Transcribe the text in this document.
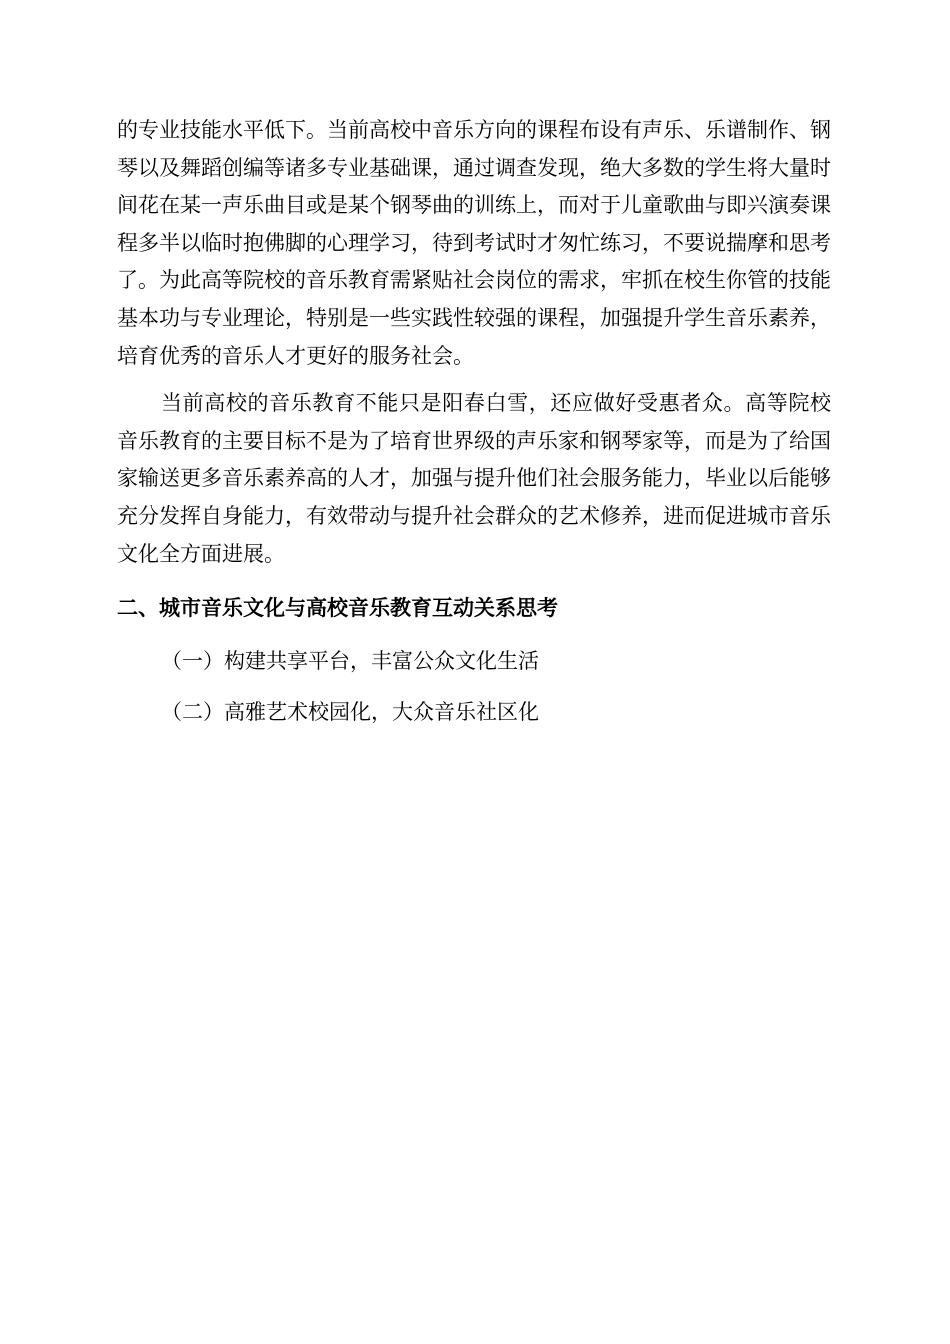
的专业技能水平低下。当前高校中音乐方向的课程布设有声乐、乐谱制作、钢琴以及舞蹈创编等诸多专业基础课，通过调查发现，绝大多数的学生将大量时间花在某一声乐曲目或是某个钢琴曲的训练上，而对于儿童歌曲与即兴演奏课程多半以临时抱佛脚的心理学习，待到考试时才匆忙练习，不要说揣摩和思考了。为此高等院校的音乐教育需紧贴社会岗位的需求，牢抓在校生你管的技能基本功与专业理论，特别是一些实践性较强的课程，加强提升学生音乐素养，培育优秀的音乐人才更好的服务社会。

当前高校的音乐教育不能只是阳春白雪，还应做好受惠者众。高等院校音乐教育的主要目标不是为了培育世界级的声乐家和钢琴家等，而是为了给国家输送更多音乐素养高的人才，加强与提升他们社会服务能力，毕业以后能够充分发挥自身能力，有效带动与提升社会群众的艺术修养，进而促进城市音乐文化全方面进展。

二、城市音乐文化与高校音乐教育互动关系思考

（一）构建共享平台，丰富公众文化生活

（二）高雅艺术校园化，大众音乐社区化
